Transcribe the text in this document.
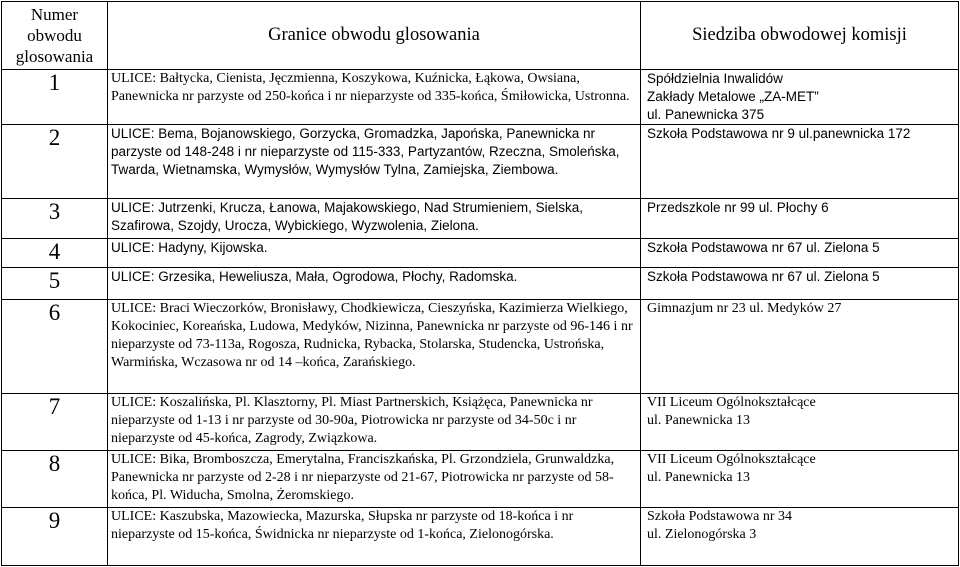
Numer
obwodu
glosowania	Granice obwodu glosowania	Siedziba obwodowej komisji
1	ULICE: Bałtycka, Cienista, Jęczmienna, Koszykowa, Kuźnicka, Łąkowa, Owsiana, Panewnicka nr parzyste od 250-końca i nr nieparzyste od 335-końca, Śmiłowicka, Ustronna.	Spółdzielnia Inwalidów
Zakłady Metalowe „ZA-MET”
ul. Panewnicka 375

2	ULICE: Bema, Bojanowskiego, Gorzycka, Gromadzka, Japońska, Panewnicka nr parzyste od 148-248 i nr nieparzyste od 115-333, Partyzantów, Rzeczna, Smoleńska, Twarda, Wietnamska, Wymysłów, Wymysłów Tylna, Zamiejska, Ziembowa.	Szkoła Podstawowa nr 9 ul.panewnicka 172

3	ULICE: Jutrzenki, Krucza, Łanowa, Majakowskiego, Nad Strumieniem, Sielska, Szafirowa, Szojdy, Urocza, Wybickiego, Wyzwolenia, Zielona.	Przedszkole nr 99 ul. Płochy 6

4	ULICE: Hadyny, Kijowska.	Szkoła Podstawowa nr 67 ul. Zielona 5

5	ULICE: Grzesika, Heweliusza, Mała, Ogrodowa, Płochy, Radomska.	Szkoła Podstawowa nr 67 ul. Zielona 5

6	ULICE: Braci Wieczorków, Bronisławy, Chodkiewicza, Cieszyńska, Kazimierza Wielkiego, Kokociniec, Koreańska, Ludowa, Medyków, Nizinna, Panewnicka nr parzyste od 96-146 i nr nieparzyste od 73-113a, Rogosza, Rudnicka, Rybacka, Stolarska, Studencka, Ustrońska, Warmińska, Wczasowa nr od 14 –końca, Zarańskiego.	Gimnazjum nr 23 ul. Medyków 27

7	ULICE: Koszalińska, Pl. Klasztorny, Pl. Miast Partnerskich, Książęca, Panewnicka nr nieparzyste od 1-13 i nr parzyste od 30-90a, Piotrowicka nr parzyste od 34-50c i nr nieparzyste od 45-końca, Zagrody, Związkowa.	VII Liceum Ogólnokształcące
ul. Panewnicka 13

8	ULICE: Bika, Bromboszcza, Emerytalna, Franciszkańska, Pl. Grzondziela, Grunwaldzka, Panewnicka nr parzyste od 2-28 i nr nieparzyste od 21-67, Piotrowicka nr parzyste od 58-końca, Pl. Widucha, Smolna, Żeromskiego.	VII Liceum Ogólnokształcące
ul. Panewnicka 13

9	ULICE: Kaszubska, Mazowiecka, Mazurska, Słupska nr parzyste od 18-końca i nr nieparzyste od 15-końca, Świdnicka nr nieparzyste od 1-końca, Zielonogórska.	Szkoła Podstawowa nr 34
ul. Zielonogórska 3
